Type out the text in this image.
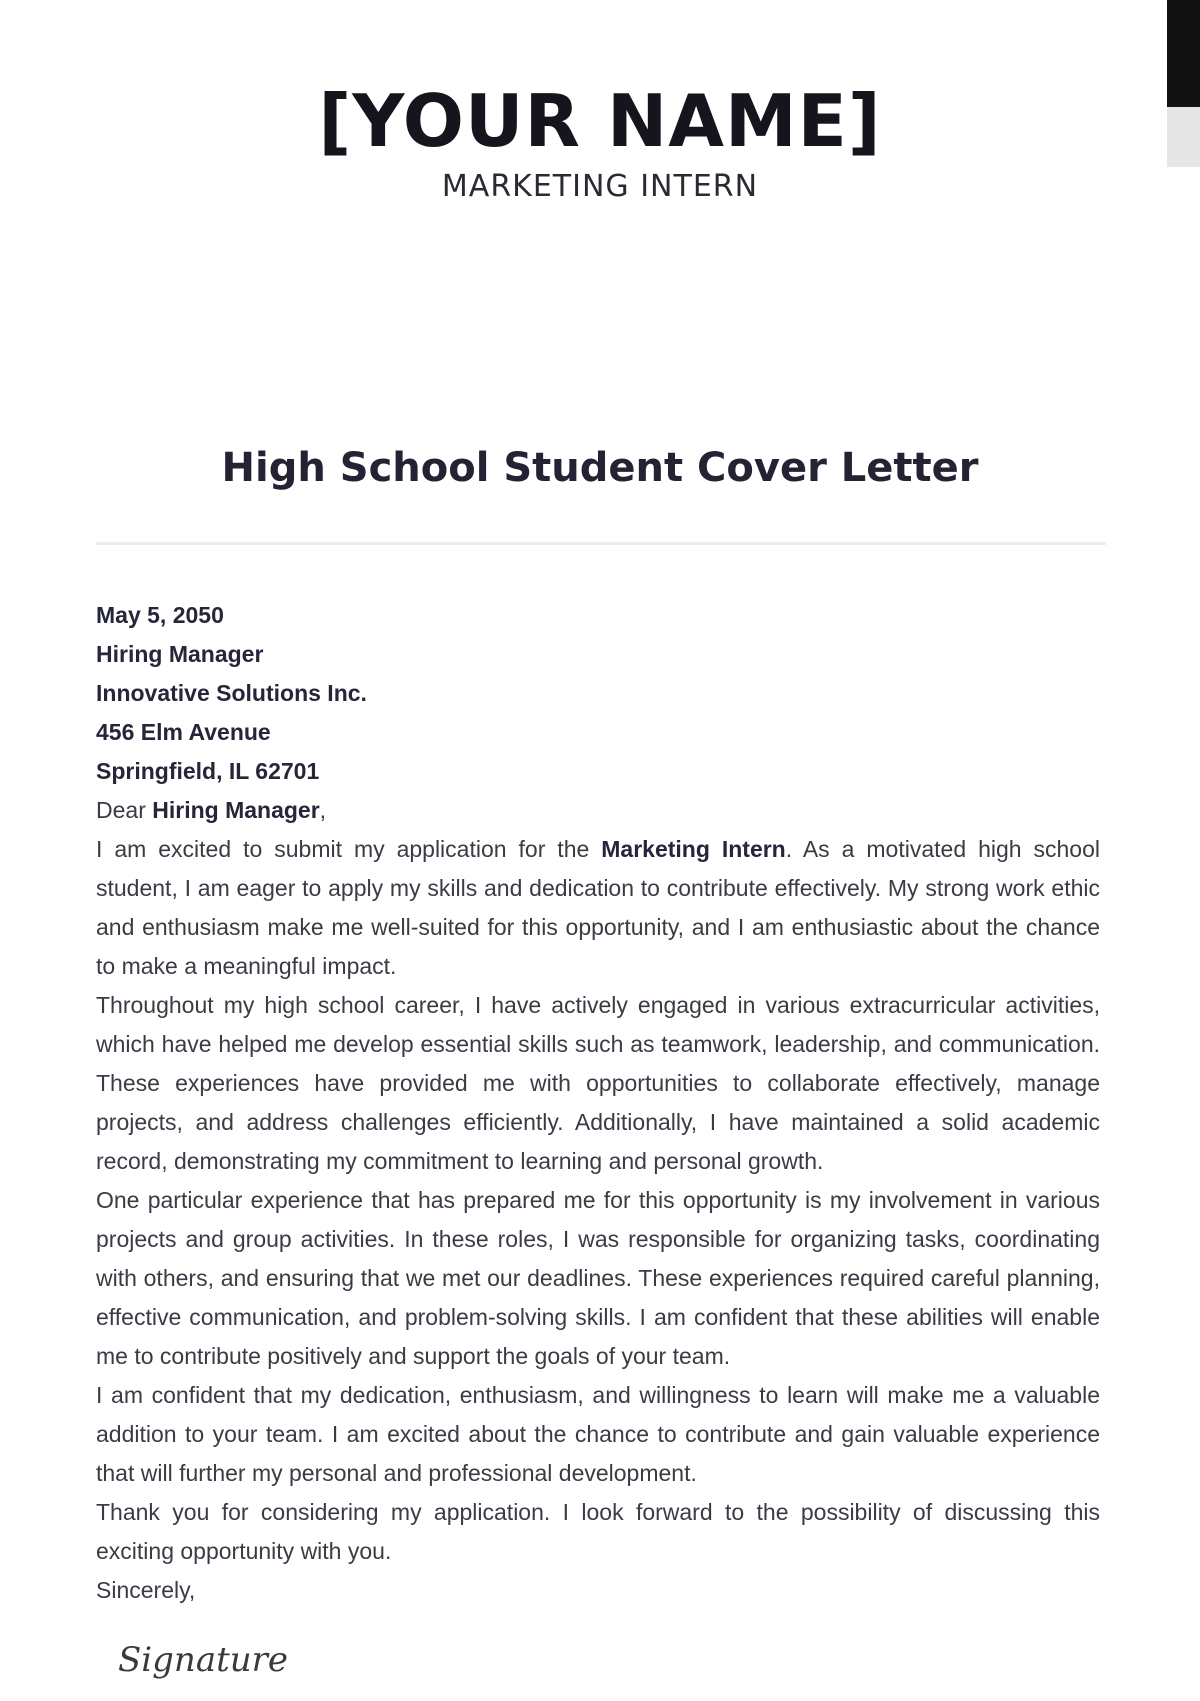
[YOUR NAME]
MARKETING INTERN
High School Student Cover Letter
May 5, 2050
Hiring Manager
Innovative Solutions Inc.
456 Elm Avenue
Springfield, IL 62701
Dear Hiring Manager,
I am excited to submit my application for the Marketing Intern. As a motivated high school student, I am eager to apply my skills and dedication to contribute effectively. My strong work ethic and enthusiasm make me well-suited for this opportunity, and I am enthusiastic about the chance to make a meaningful impact.
Throughout my high school career, I have actively engaged in various extracurricular activities, which have helped me develop essential skills such as teamwork, leadership, and communication. These experiences have provided me with opportunities to collaborate effectively, manage projects, and address challenges efficiently. Additionally, I have maintained a solid academic record, demonstrating my commitment to learning and personal growth.
One particular experience that has prepared me for this opportunity is my involvement in various projects and group activities. In these roles, I was responsible for organizing tasks, coordinating with others, and ensuring that we met our deadlines. These experiences required careful planning, effective communication, and problem-solving skills. I am confident that these abilities will enable me to contribute positively and support the goals of your team.
I am confident that my dedication, enthusiasm, and willingness to learn will make me a valuable addition to your team. I am excited about the chance to contribute and gain valuable experience that will further my personal and professional development.
Thank you for considering my application. I look forward to the possibility of discussing this exciting opportunity with you.
Sincerely,
Signature
